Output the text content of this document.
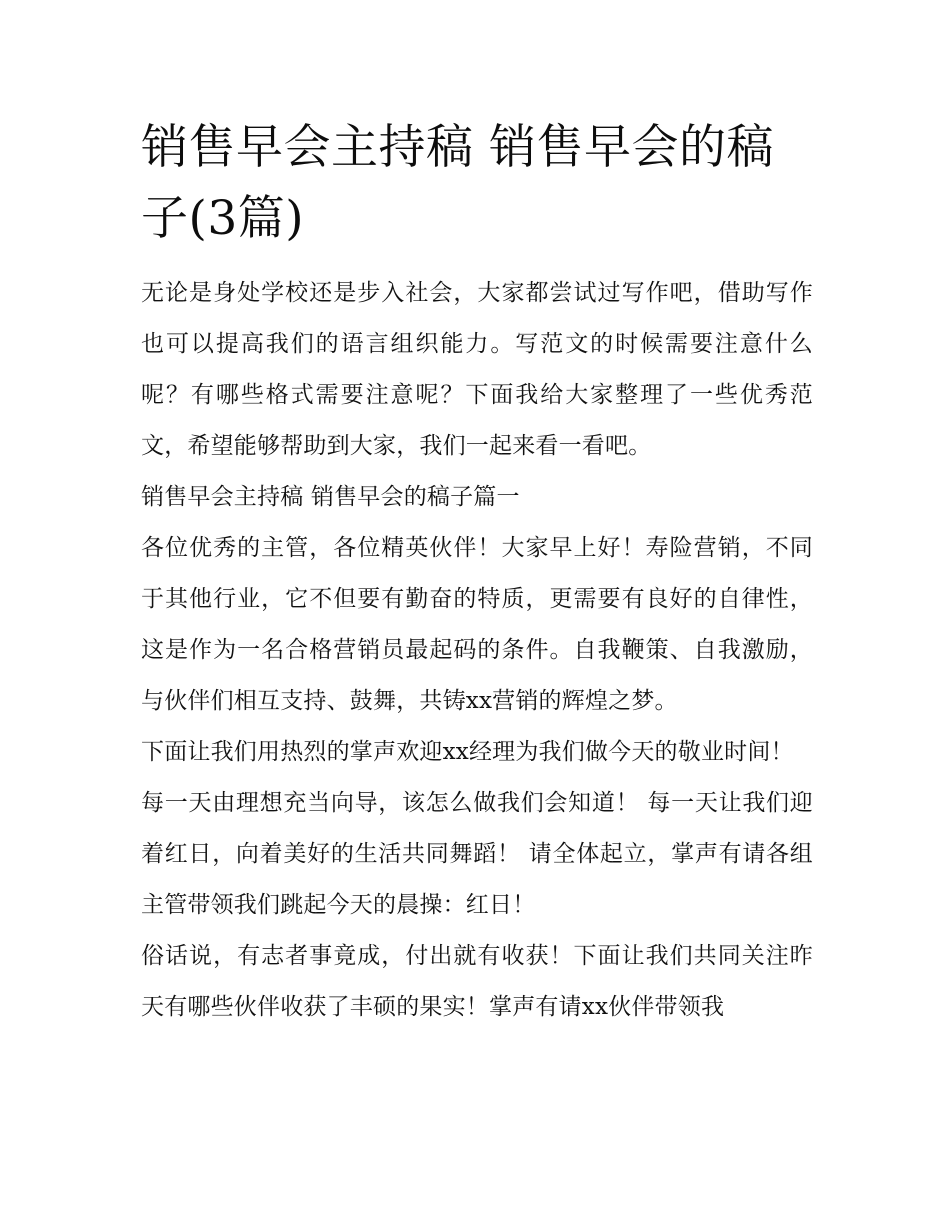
销售早会主持稿 销售早会的稿子(3篇)

无论是身处学校还是步入社会，大家都尝试过写作吧，借助写作也可以提高我们的语言组织能力。写范文的时候需要注意什么呢？有哪些格式需要注意呢？下面我给大家整理了一些优秀范文，希望能够帮助到大家，我们一起来看一看吧。

销售早会主持稿 销售早会的稿子篇一

各位优秀的主管，各位精英伙伴！大家早上好！寿险营销，不同于其他行业，它不但要有勤奋的特质，更需要有良好的自律性，这是作为一名合格营销员最起码的条件。自我鞭策、自我激励，与伙伴们相互支持、鼓舞，共铸xx营销的辉煌之梦。

下面让我们用热烈的掌声欢迎xx经理为我们做今天的敬业时间！

每一天由理想充当向导，该怎么做我们会知道！ 每一天让我们迎着红日，向着美好的生活共同舞蹈！ 请全体起立，掌声有请各组主管带领我们跳起今天的晨操：红日！

俗话说，有志者事竟成，付出就有收获！下面让我们共同关注昨天有哪些伙伴收获了丰硕的果实！掌声有请xx伙伴带领我
